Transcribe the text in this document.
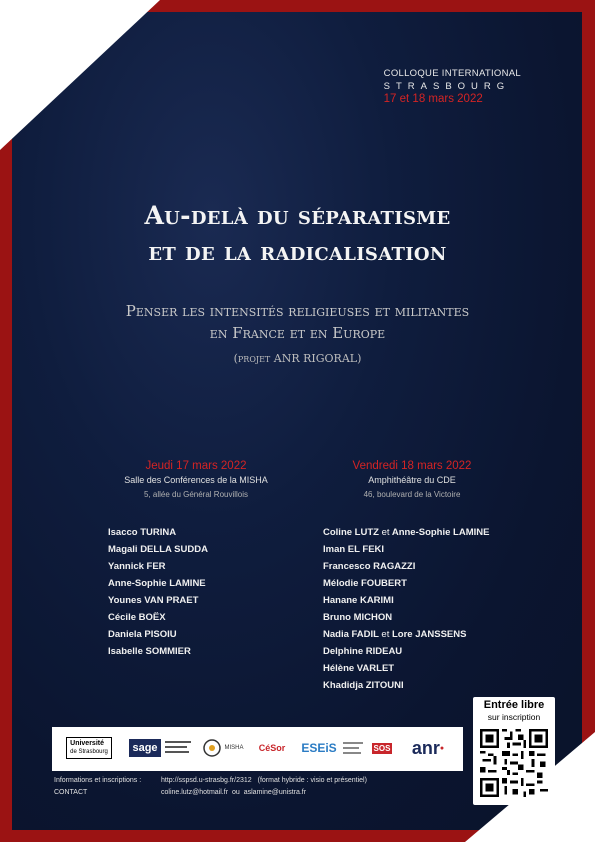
COLLOQUE INTERNATIONAL
STRASBOURG
17 et 18 mars 2022
Au-delà du séparatisme
et de la radicalisation
Penser les intensités religieuses et militantes
en France et en Europe
(projet ANR RIGORAL)
Jeudi 17 mars 2022
Salle des Conférences de la MISHA
5, allée du Général Rouvillois
Vendredi 18 mars 2022
Amphithéâtre du CDE
46, boulevard de la Victoire
Isacco TURINA
Magali DELLA SUDDA
Yannick FER
Anne-Sophie LAMINE
Younes VAN PRAET
Cécile BOËX
Daniela PISOIU
Isabelle SOMMIER
Coline LUTZ et Anne-Sophie LAMINE
Iman EL FEKI
Francesco RAGAZZI
Mélodie FOUBERT
Hanane KARIMI
Bruno MICHON
Nadia FADIL et Lore JANSSENS
Delphine RIDEAU
Hélène VARLET
Khadidja ZITOUNI
Université
de Strasbourg sage	MISHA CéSor ESEiS	SOS anr ●
Entrée libre
sur inscription
Informations et inscriptions :
CONTACT
http://sspsd.u-strasbg.fr/2312 (format hybride : visio et présentiel)
coline.lutz@hotmail.fr ou aslamine@unistra.fr
